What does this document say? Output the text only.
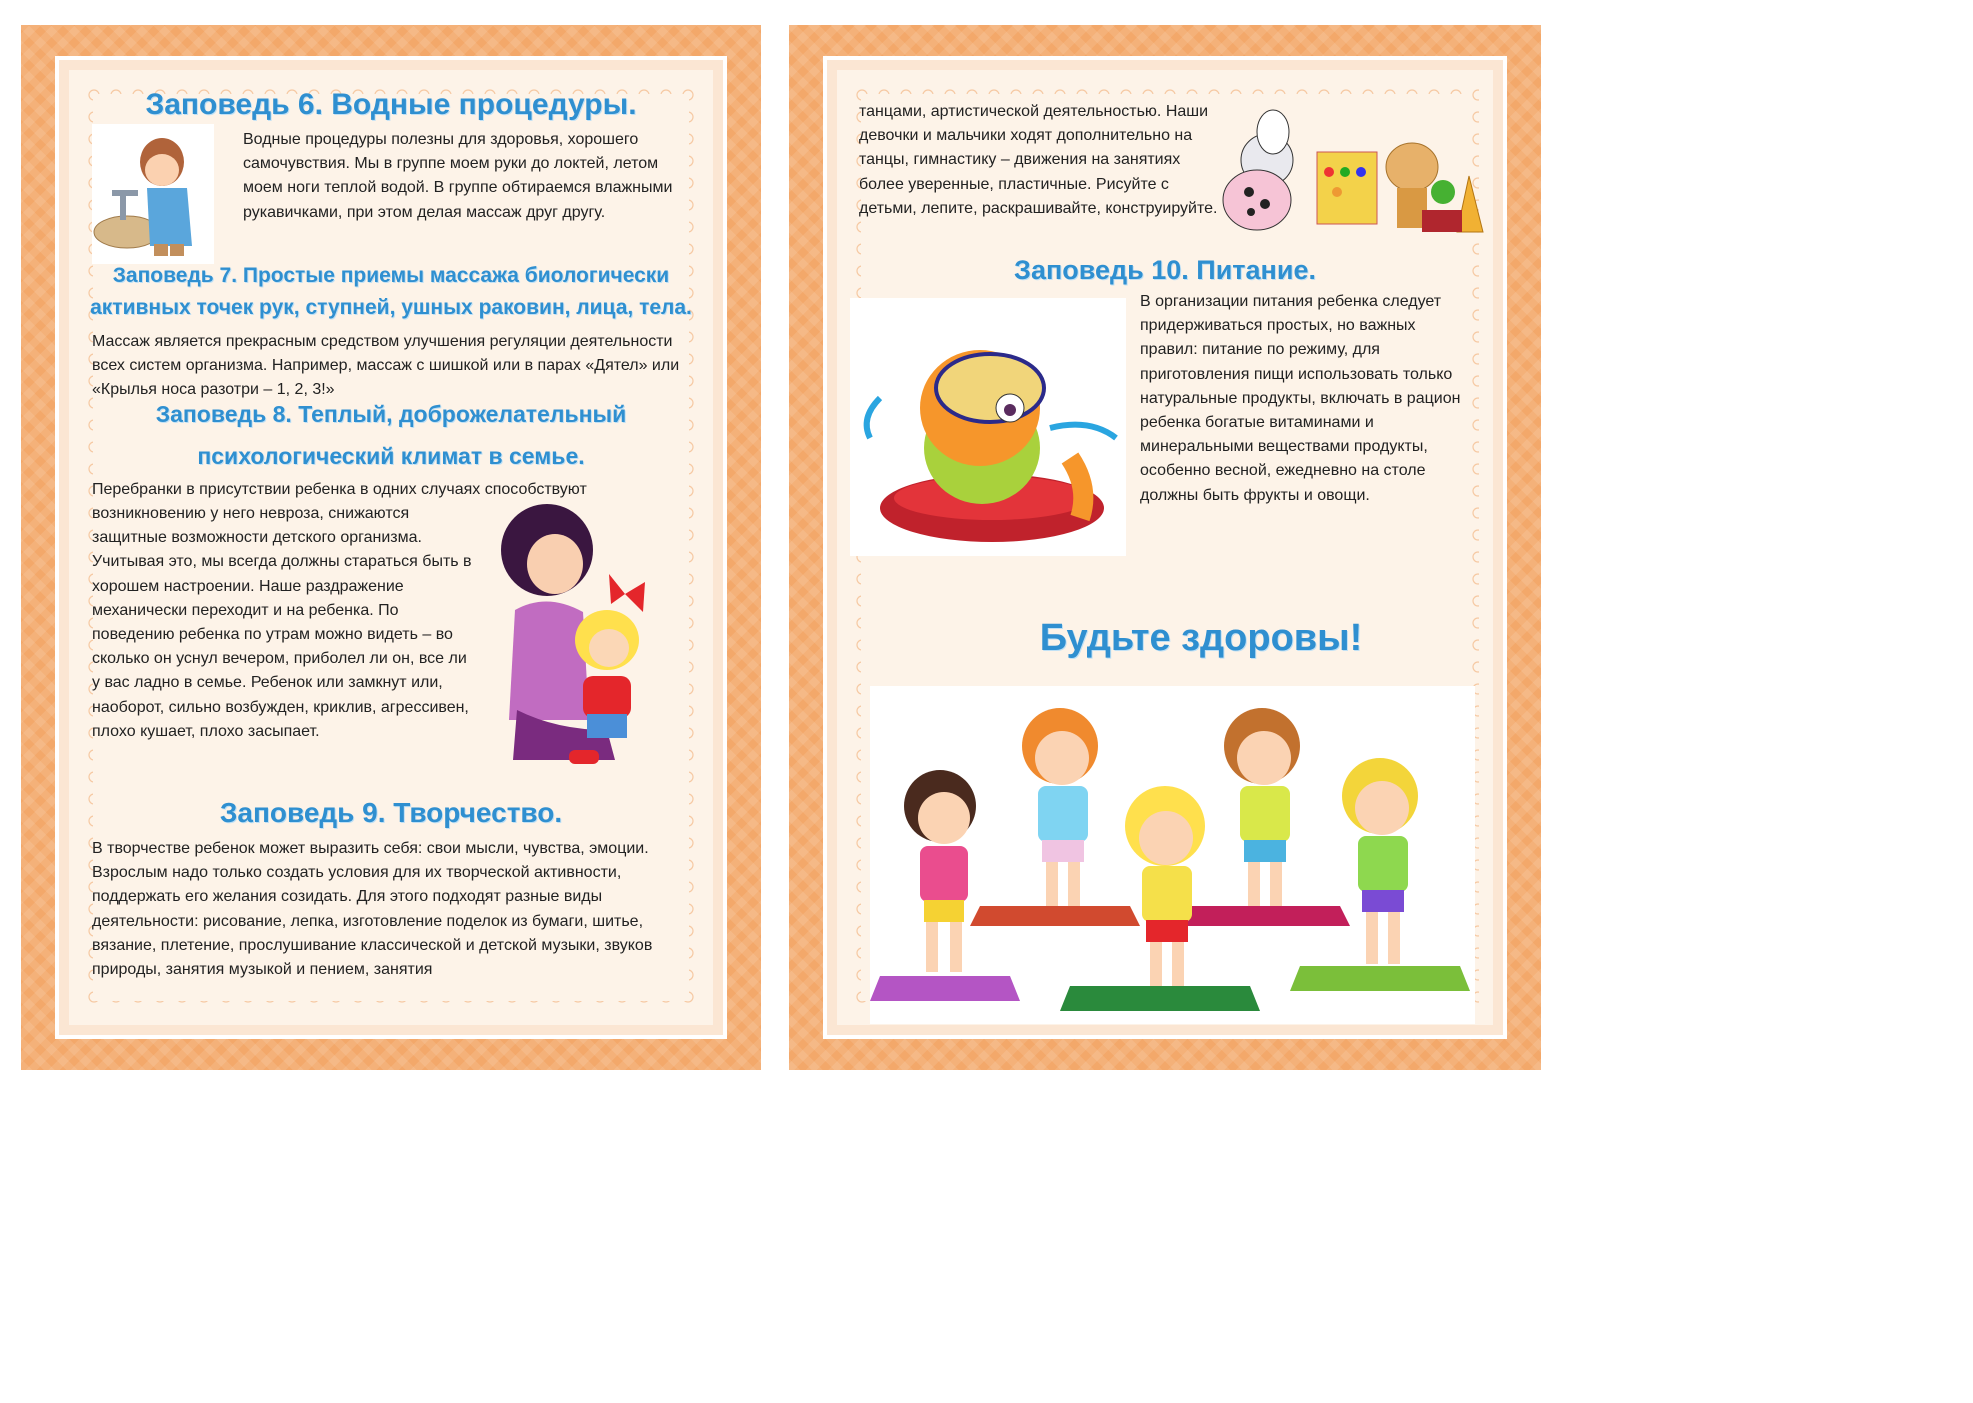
Заповедь 6. Водные процедуры.

Водные процедуры полезны для здоровья, хорошего самочувствия. Мы в группе моем руки до локтей, летом моем ноги теплой водой. В группе обтираемся влажными рукавичками, при этом делая массаж друг другу.

Заповедь 7. Простые приемы массажа биологически
активных точек рук, ступней, ушных раковин, лица, тела.

Массаж является прекрасным средством улучшения регуляции деятельности всех систем организма. Например, массаж с шишкой или в парах «Дятел» или «Крылья носа разотри – 1, 2, 3!»

Заповедь 8. Теплый, доброжелательный
психологический климат в семье.

Перебранки в присутствии ребенка в одних случаях способствуют

возникновению у него невроза, снижаются защитные возможности детского организма. Учитывая это, мы всегда должны стараться быть в хорошем настроении. Наше раздражение механически переходит и на ребенка. По поведению ребенка по утрам можно видеть – во сколько он уснул вечером, приболел ли он, все ли у вас ладно в семье. Ребенок или замкнут или, наоборот, сильно возбужден, криклив, агрессивен, плохо кушает, плохо засыпает.

Заповедь 9. Творчество.

В творчестве ребенок может выразить себя: свои мысли, чувства, эмоции. Взрослым надо только создать условия для их творческой активности, поддержать его желания созидать. Для этого подходят разные виды деятельности: рисование, лепка, изготовление поделок из бумаги, шитье, вязание, плетение, прослушивание классической и детской музыки, звуков природы, занятия музыкой и пением, занятия

танцами, артистической деятельностью. Наши девочки и мальчики ходят дополнительно на танцы, гимнастику – движения на занятиях более уверенные, пластичные. Рисуйте с детьми, лепите, раскрашивайте, конструируйте.

Заповедь 10. Питание.

В организации питания ребенка следует придерживаться простых, но важных правил: питание по режиму, для приготовления пищи использовать только натуральные продукты, включать в рацион ребенка богатые витаминами и минеральными веществами продукты, особенно весной, ежедневно на столе должны быть фрукты и овощи.

Будьте здоровы!
